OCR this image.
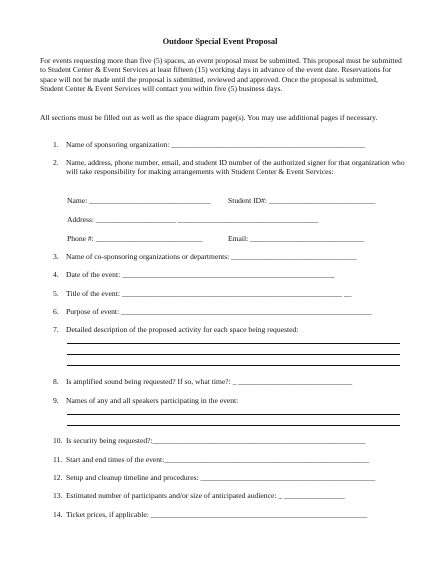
Outdoor Special Event Proposal
For events requesting more than five (5) spaces, an event proposal must be submitted. This proposal must be submitted to Student Center & Event Services at least fifteen (15) working days in advance of the event date. Reservations for space will not be made until the proposal is submitted, reviewed and approved. Once the proposal is submitted, Student Center & Event Services will contact you within five (5) business days.
All sections must be filled out as well as the space diagram page(s). You may use additional pages if necessary.
1. Name of sponsoring organization: ___________________________________________________
2. Name, address, phone number, email, and student ID number of the authorized signer for that organization who will take responsibility for making arrangements with Student Center & Event Services:
Name: ________________________________ Student ID#: ____________________________
Address: _____________________ _____________________________________
Phone #: ____________________________	Email: ______________________________
3. Name of co-sponsoring organizations or departments: _________________________________
4. Date of the event: ________________________________________________________
5. Title of the event: __________________________________________________________ __
6. Purpose of event: __________________________________________________________________
7. Detailed description of the proposed activity for each space being requested:
8. Is amplified sound being requested? If so, what time?: _ ______________________________
9. Names of any and all speakers participating in the event:
10. Is security being requested?:________________________________________________________
11. Start and end times of the event:______________________________________________________
12. Setup and cleanup timeline and procedures: ______________________________________________
13. Estimated number of participants and/or size of anticipated audience: _ ________________
14. Ticket prices, if applicable: _________________________________________________________
